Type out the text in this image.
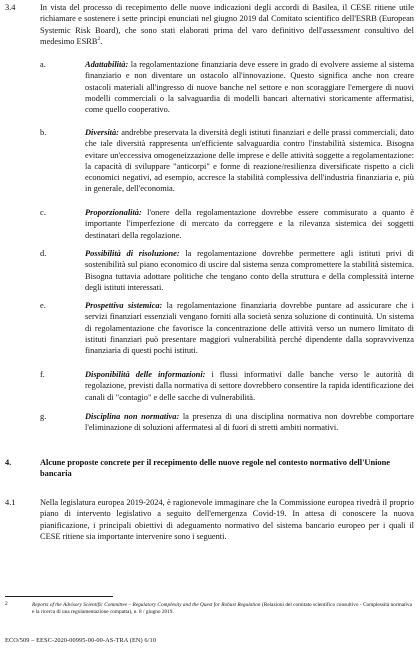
3.4	In vista del processo di recepimento delle nuove indicazioni degli accordi di Basilea, il CESE ritiene utile richiamare e sostenere i sette principi enunciati nel giugno 2019 dal Comitato scientifico dell'ESRB (European Systemic Risk Board), che sono stati elaborati prima del varo definitivo dell'assessment consultivo del medesimo ESRB$^2$.
a.	Adattabilità: la regolamentazione finanziaria deve essere in grado di evolvere assieme al sistema finanziario e non diventare un ostacolo all'innovazione. Questo significa anche non creare ostacoli materiali all'ingresso di nuove banche nel settore e non scoraggiare l'emergere di nuovi modelli commerciali o la salvaguardia di modelli bancari alternativi storicamente affermatisi, come quello cooperativo.
b.	Diversità: andrebbe preservata la diversità degli istituti finanziari e delle prassi commerciali, dato che tale diversità rappresenta un'efficiente salvaguardia contro l'instabilità sistemica. Bisogna evitare un'eccessiva omogeneizzazione delle imprese e delle attività soggette a regolamentazione: la capacità di sviluppare "anticorpi" e forme di reazione/resilienza diversificate rispetto a cicli economici negativi, ad esempio, accresce la stabilità complessiva dell'industria finanziaria e, più in generale, dell'economia.
c.	Proporzionalità: l'onere della regolamentazione dovrebbe essere commisurato a quanto è importante l'imperfezione di mercato da correggere e la rilevanza sistemica dei soggetti destinatari della regolazione.
d.	Possibilità di risoluzione: la regolamentazione dovrebbe permettere agli istituti privi di sostenibilità sul piano economico di uscire dal sistema senza compromettere la stabilità sistemica. Bisogna tuttavia adottare politiche che tengano conto della struttura e della complessità interne degli istituti interessati.
e.	Prospettiva sistemica: la regolamentazione finanziaria dovrebbe puntare ad assicurare che i servizi finanziari essenziali vengano forniti alla società senza soluzione di continuità. Un sistema di regolamentazione che favorisce la concentrazione delle attività verso un numero limitato di istituti finanziari può presentare maggiori vulnerabilità perché dipendente dalla sopravvivenza finanziaria di questi pochi istituti.
f.	Disponibilità delle informazioni: i flussi informativi dalle banche verso le autorità di regolazione, previsti dalla normativa di settore dovrebbero consentire la rapida identificazione dei canali di "contagio" e delle sacche di vulnerabilità.
g.	Disciplina non normativa: la presenza di una disciplina normativa non dovrebbe comportare l'eliminazione di soluzioni affermatesi al di fuori di stretti ambiti normativi.
4.	Alcune proposte concrete per il recepimento delle nuove regole nel contesto normativo dell'Unione bancaria
4.1	Nella legislatura europea 2019-2024, è ragionevole immaginare che la Commissione europea rivedrà il proprio piano di intervento legislativo a seguito dell'emergenza Covid-19. In attesa di conoscere la nuova pianificazione, i principali obiettivi di adeguamento normativo del sistema bancario europeo per i quali il CESE ritiene sia importante intervenire sono i seguenti.
2	Reports of the Advisory Scientific Committee – Regulatory Complexity and the Quest for Robust Regulation (Relazioni del comitato scientifico consultivo - Complessità normativa e la ricerca di una regolamentazione compatta), n. 8 / giugno 2019.
ECO/509 – EESC-2020-00995-00-00-AS-TRA (EN) 6/10
